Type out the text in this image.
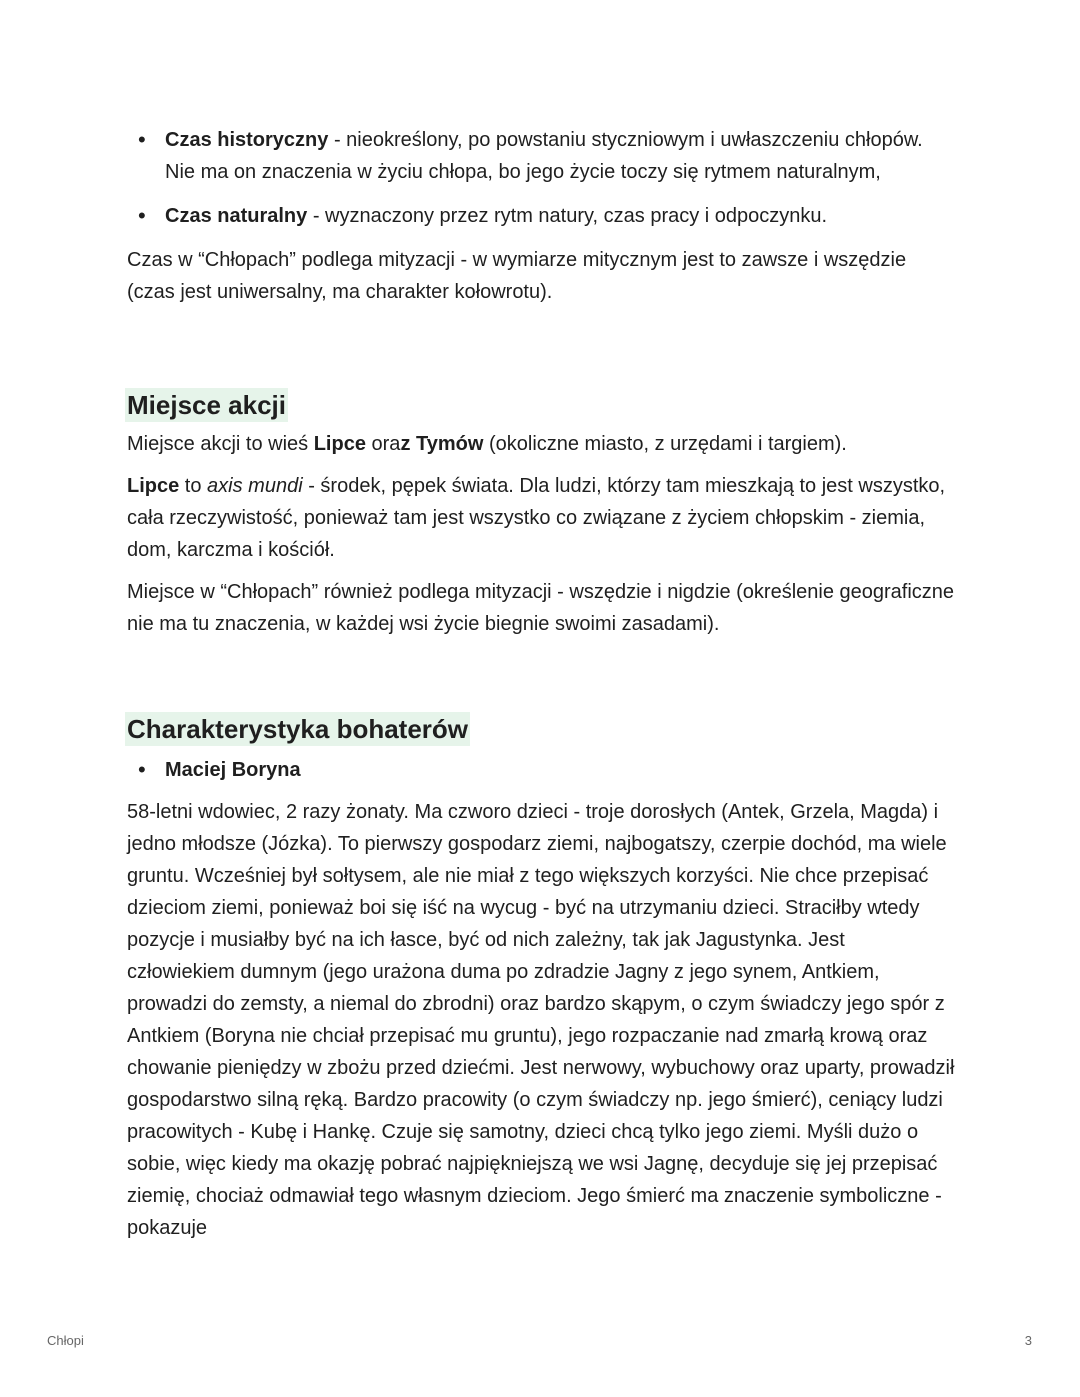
• Czas historyczny - nieokreślony, po powstaniu styczniowym i uwłaszczeniu chłopów. Nie ma on znaczenia w życiu chłopa, bo jego życie toczy się rytmem naturalnym,
• Czas naturalny - wyznaczony przez rytm natury, czas pracy i odpoczynku.

Czas w “Chłopach” podlega mityzacji - w wymiarze mitycznym jest to zawsze i wszędzie (czas jest uniwersalny, ma charakter kołowrotu).

Miejsce akcji

Miejsce akcji to wieś Lipce oraz Tymów (okoliczne miasto, z urzędami i targiem).

Lipce to axis mundi - środek, pępek świata. Dla ludzi, którzy tam mieszkają to jest wszystko, cała rzeczywistość, ponieważ tam jest wszystko co związane z życiem chłopskim - ziemia, dom, karczma i kościół.

Miejsce w “Chłopach” również podlega mityzacji - wszędzie i nigdzie (określenie geograficzne nie ma tu znaczenia, w każdej wsi życie biegnie swoimi zasadami).

Charakterystyka bohaterów
• Maciej Boryna

58-letni wdowiec, 2 razy żonaty. Ma czworo dzieci - troje dorosłych (Antek, Grzela, Magda) i jedno młodsze (Józka). To pierwszy gospodarz ziemi, najbogatszy, czerpie dochód, ma wiele gruntu. Wcześniej był sołtysem, ale nie miał z tego większych korzyści. Nie chce przepisać dzieciom ziemi, ponieważ boi się iść na wycug - być na utrzymaniu dzieci. Straciłby wtedy pozycje i musiałby być na ich łasce, być od nich zależny, tak jak Jagustynka. Jest człowiekiem dumnym (jego urażona duma po zdradzie Jagny z jego synem, Antkiem, prowadzi do zemsty, a niemal do zbrodni) oraz bardzo skąpym, o czym świadczy jego spór z Antkiem (Boryna nie chciał przepisać mu gruntu), jego rozpaczanie nad zmarłą krową oraz chowanie pieniędzy w zbożu przed dziećmi. Jest nerwowy, wybuchowy oraz uparty, prowadził gospodarstwo silną ręką. Bardzo pracowity (o czym świadczy np. jego śmierć), ceniący ludzi pracowitych - Kubę i Hankę. Czuje się samotny, dzieci chcą tylko jego ziemi. Myśli dużo o sobie, więc kiedy ma okazję pobrać najpiękniejszą we wsi Jagnę, decyduje się jej przepisać ziemię, chociaż odmawiał tego własnym dzieciom. Jego śmierć ma znaczenie symboliczne - pokazuje

Chłopi	3
